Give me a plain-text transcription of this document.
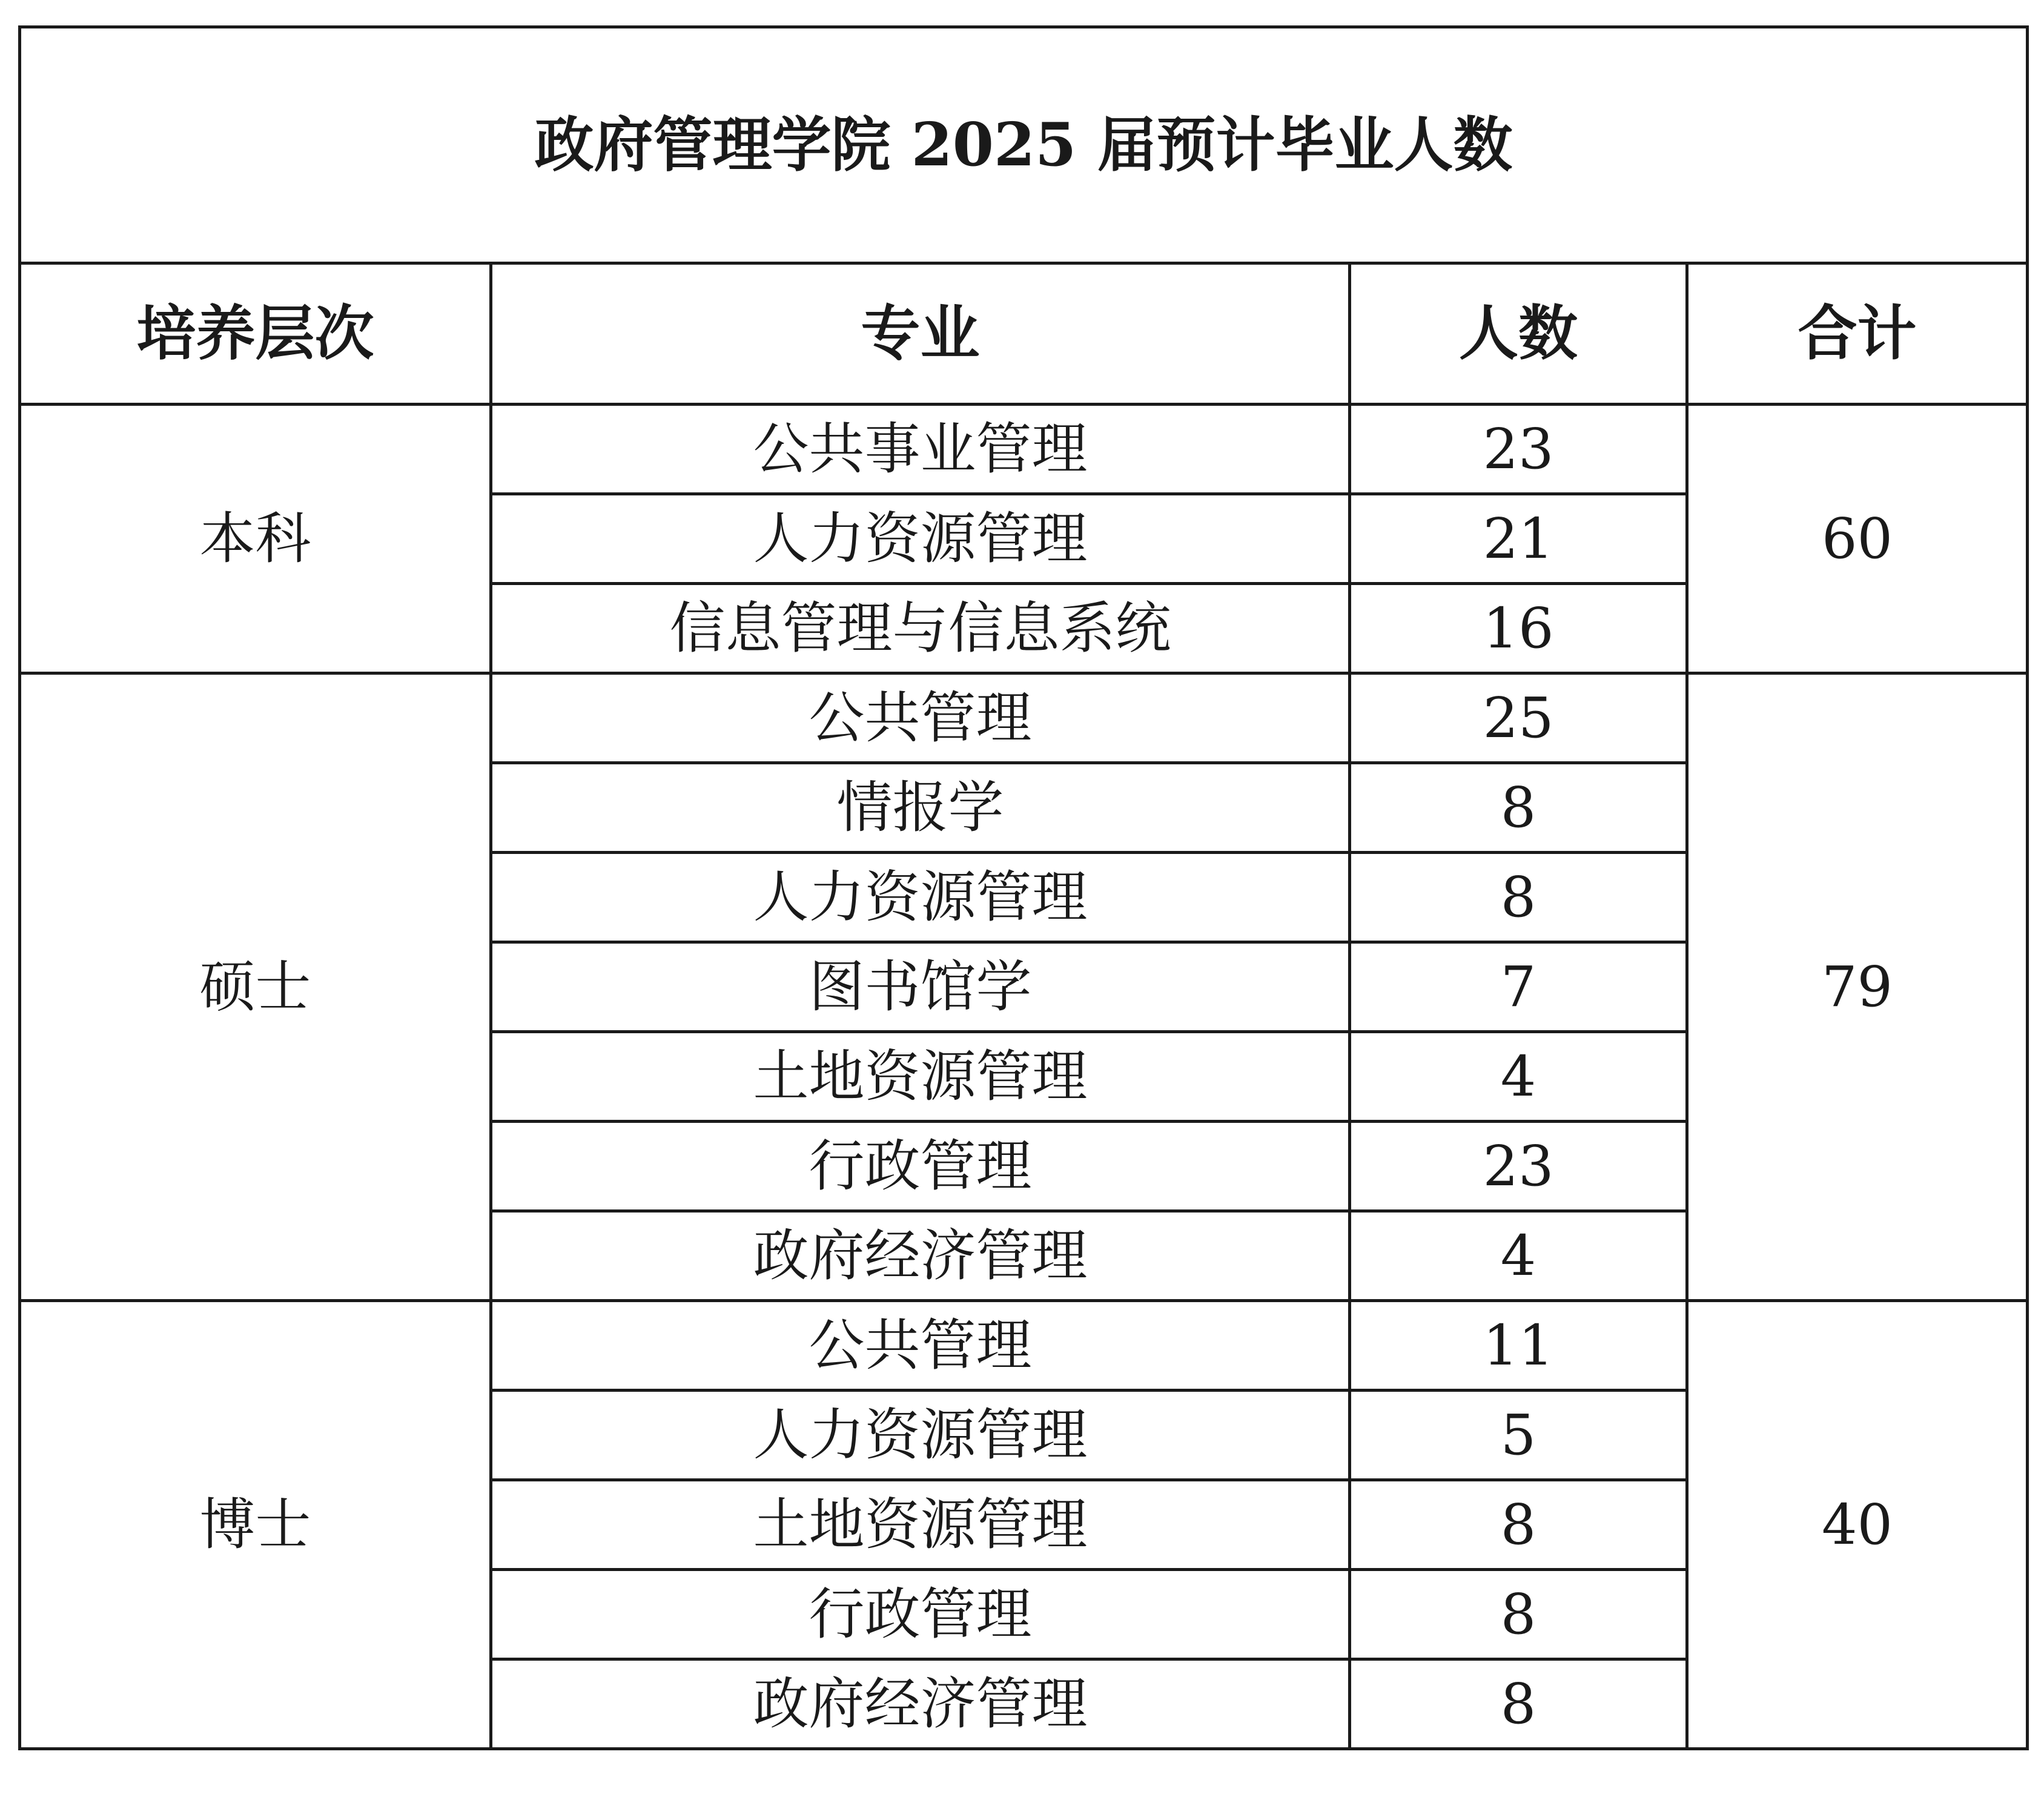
政府管理学院 2025 届预计毕业人数			
培养层次	专业	人数	合计
本科	公共事业管理	23	60
	人力资源管理	21	
	信息管理与信息系统	16	
硕士	公共管理	25	79
	情报学	8	
	人力资源管理	8	
	图书馆学	7	
	土地资源管理	4	
	行政管理	23	
	政府经济管理	4	
博士	公共管理	11	40
	人力资源管理	5	
	土地资源管理	8	
	行政管理	8	
	政府经济管理	8	
